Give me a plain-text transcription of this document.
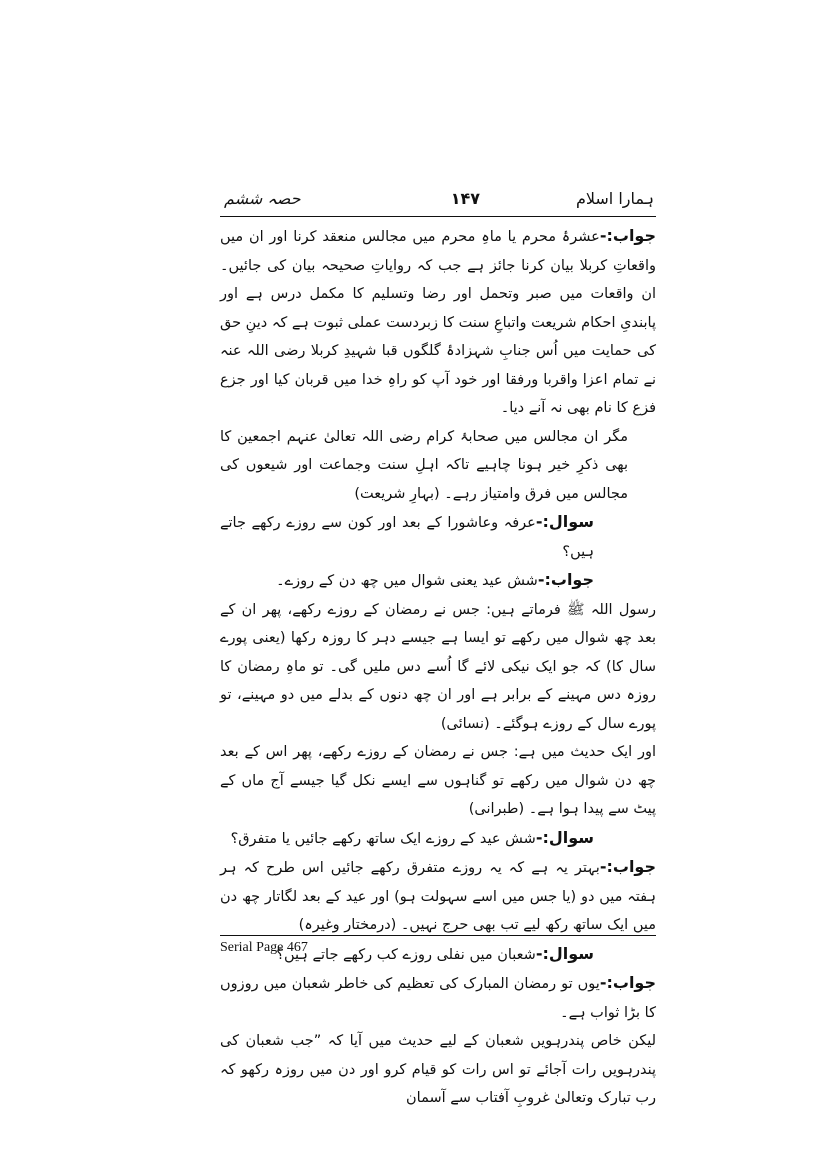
ہمارا اسلام
۱۴۷
حصہ ششم

جواب:-عشرۂ محرم یا ماہِ محرم میں مجالس منعقد کرنا اور ان میں واقعاتِ کربلا بیان کرنا جائز ہے جب کہ روایاتِ صحیحہ بیان کی جائیں۔ ان واقعات میں صبر وتحمل اور رضا وتسلیم کا مکمل درس ہے اور پابندیِ احکام شریعت واتباعِ سنت کا زبردست عملی ثبوت ہے کہ دینِ حق کی حمایت میں اُس جنابِ شہزادۂ گلگوں قبا شہیدِ کربلا رضی اللہ عنہ نے تمام اعزا واقربا ورفقا اور خود آپ کو راہِ خدا میں قربان کیا اور جزع فزع کا نام بھی نہ آنے دیا۔

مگر ان مجالس میں صحابۂ کرام رضی اللہ تعالیٰ عنہم اجمعین کا بھی ذکرِ خیر ہونا چاہیے تاکہ اہلِ سنت وجماعت اور شیعوں کی مجالس میں فرق وامتیاز رہے۔ (بہارِ شریعت)

سوال:-عرفہ وعاشورا کے بعد اور کون سے روزے رکھے جاتے ہیں؟

جواب:-شش عید یعنی شوال میں چھ دن کے روزے۔

رسول اللہ ﷺ فرماتے ہیں: جس نے رمضان کے روزے رکھے، پھر ان کے بعد چھ شوال میں رکھے تو ایسا ہے جیسے دہر کا روزہ رکھا (یعنی پورے سال کا) کہ جو ایک نیکی لائے گا اُسے دس ملیں گی۔ تو ماہِ رمضان کا روزہ دس مہینے کے برابر ہے اور ان چھ دنوں کے بدلے میں دو مہینے، تو پورے سال کے روزے ہوگئے۔ (نسائی)

اور ایک حدیث میں ہے: جس نے رمضان کے روزے رکھے، پھر اس کے بعد چھ دن شوال میں رکھے تو گناہوں سے ایسے نکل گیا جیسے آج ماں کے پیٹ سے پیدا ہوا ہے۔ (طبرانی)

سوال:-شش عید کے روزے ایک ساتھ رکھے جائیں یا متفرق؟

جواب:-بہتر یہ ہے کہ یہ روزے متفرق رکھے جائیں اس طرح کہ ہر ہفتہ میں دو (یا جس میں اسے سہولت ہو) اور عید کے بعد لگاتار چھ دن میں ایک ساتھ رکھ لیے تب بھی حرج نہیں۔ (درمختار وغیرہ)

سوال:-شعبان میں نفلی روزے کب رکھے جاتے ہیں؟

جواب:-یوں تو رمضان المبارک کی تعظیم کی خاطر شعبان میں روزوں کا بڑا ثواب ہے۔

لیکن خاص پندرہویں شعبان کے لیے حدیث میں آیا کہ ”جب شعبان کی پندرہویں رات آجائے تو اس رات کو قیام کرو اور دن میں روزہ رکھو کہ رب تبارک وتعالیٰ غروبِ آفتاب سے آسمان

Serial Page 467
